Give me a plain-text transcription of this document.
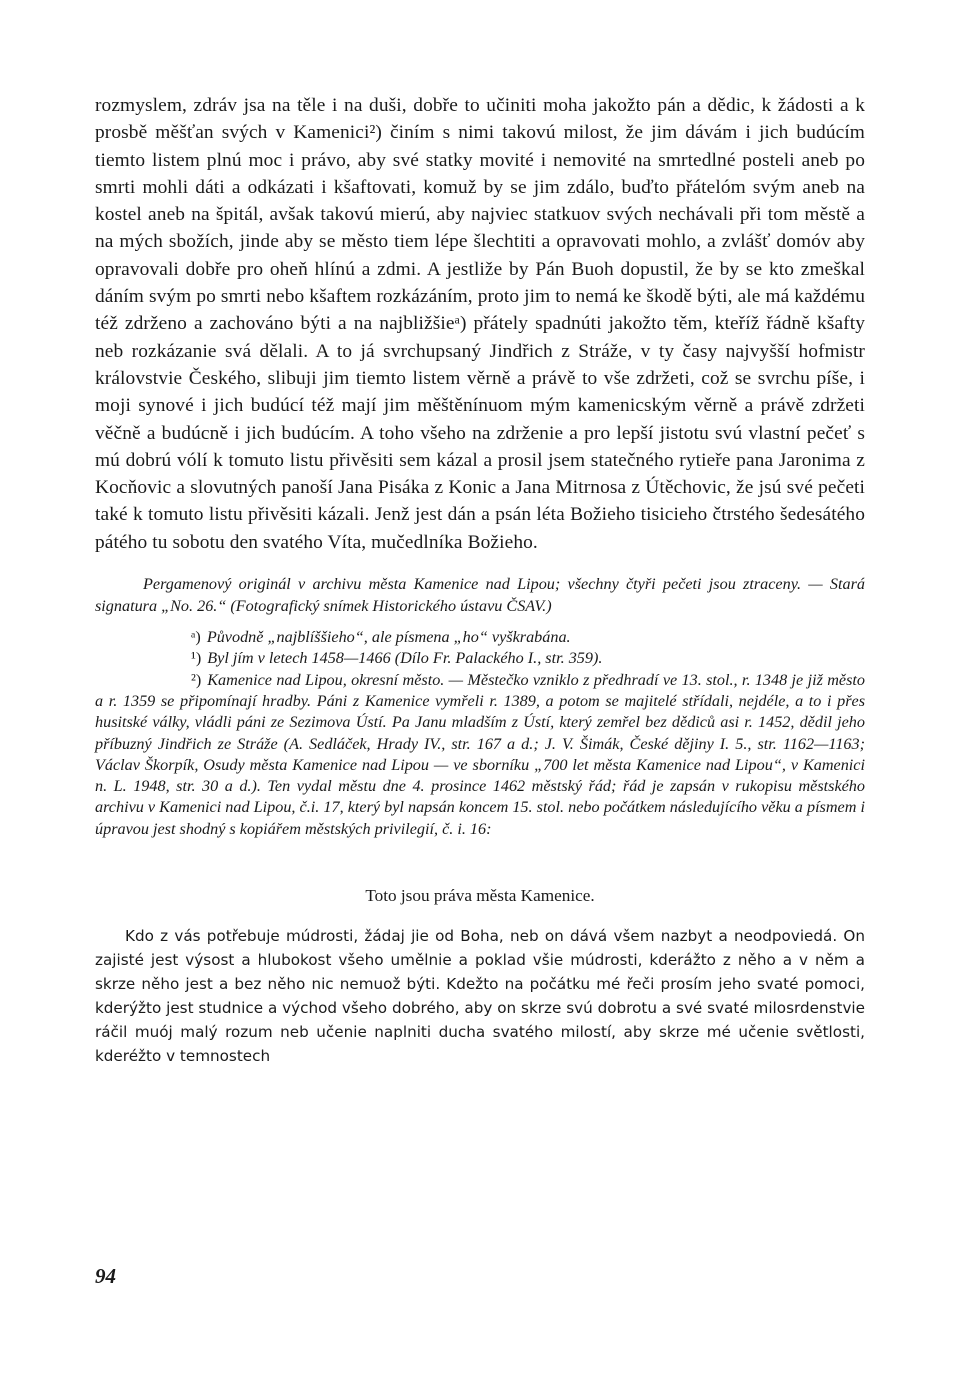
rozmyslem, zdráv jsa na těle i na duši, dobře to učiniti moha jakožto pán a dědic, k žádosti a k prosbě měšťan svých v Kamenici²) činím s nimi takovú milost, že jim dávám i jich budúcím tiemto listem plnú moc i právo, aby své statky movité i nemovité na smrtedlné posteli aneb po smrti mohli dáti a odkázati i kšaftovati, komuž by se jim zdálo, buďto přátelóm svým aneb na kostel aneb na špitál, avšak takovú mierú, aby najviec statkuov svých nechávali při tom městě a na mých sbožích, jinde aby se město tiem lépe šlechtiti a opravovati mohlo, a zvlášť domóv aby opravovali dobře pro oheň hlínú a zdmi. A jestliže by Pán Buoh dopustil, že by se kto zmeškal dáním svým po smrti nebo kšaftem rozkázáním, proto jim to nemá ke škodě býti, ale má každému též zdrženo a zachováno býti a na najbližšieᵃ) přátely spadnúti jakožto těm, kteříž řádně kšafty neb rozkázanie svá dělali. A to já svrchupsaný Jindřich z Stráže, v ty časy najvyšší hofmistr královstvie Českého, slibuji jim tiemto listem věrně a právě to vše zdržeti, což se svrchu píše, i moji synové i jich budúcí též mají jim měštěnínuom mým kamenicským věrně a právě zdržeti věčně a budúcně i jich budúcím. A toho všeho na zdrženie a pro lepší jistotu svú vlastní pečeť s mú dobrú vólí k tomuto listu přivěsiti sem kázal a prosil jsem statečného rytieře pana Jaronima z Kocňovic a slovutných panoší Jana Pisáka z Konic a Jana Mitrnosa z Útěchovic, že jsú své pečeti také k tomuto listu přivěsiti kázali. Jenž jest dán a psán léta Božieho tisicieho čtrstého šedesátého pátého tu sobotu den svatého Víta, mučedlníka Božieho.

Pergamenový originál v archivu města Kamenice nad Lipou; všechny čtyři pečeti jsou ztraceny. — Stará signatura „No. 26.“ (Fotografický snímek Historického ústavu ČSAV.)

ᵃ) Původně „najblíššieho“, ale písmena „ho“ vyškrabána.

¹) Byl jím v letech 1458—1466 (Dílo Fr. Palackého I., str. 359).

²) Kamenice nad Lipou, okresní město. — Městečko vzniklo z předhradí ve 13. stol., r. 1348 je již město a r. 1359 se připomínají hradby. Páni z Kamenice vymřeli r. 1389, a potom se majitelé střídali, nejdéle, a to i přes husitské války, vládli páni ze Sezimova Ústí. Pa Janu mladším z Ústí, který zemřel bez dědiců asi r. 1452, dědil jeho příbuzný Jindřich ze Stráže (A. Sedláček, Hrady IV., str. 167 a d.; J. V. Šimák, České dějiny I. 5., str. 1162—1163; Václav Škorpík, Osudy města Kamenice nad Lipou — ve sborníku „700 let města Kamenice nad Lipou“, v Kamenici n. L. 1948, str. 30 a d.). Ten vydal městu dne 4. prosince 1462 městský řád; řád je zapsán v rukopisu městského archivu v Kamenici nad Lipou, č.i. 17, který byl napsán koncem 15. stol. nebo počátkem následujícího věku a písmem i úpravou jest shodný s kopiářem městských privilegií, č. i. 16:

Toto jsou práva města Kamenice.

Kdo z vás potřebuje múdrosti, žádaj jie od Boha, neb on dává všem nazbyt a neodpoviedá. On zajisté jest výsost a hlubokost všeho umělnie a poklad všie múdrosti, kderážto z něho a v něm a skrze něho jest a bez něho nic nemuož býti. Kdežto na počátku mé řeči prosím jeho svaté pomoci, kderýžto jest studnice a východ všeho dobrého, aby on skrze svú dobrotu a své svaté milosrdenstvie ráčil muój malý rozum neb učenie naplniti ducha svatého milostí, aby skrze mé učenie světlosti, kderéžto v temnostech

94
